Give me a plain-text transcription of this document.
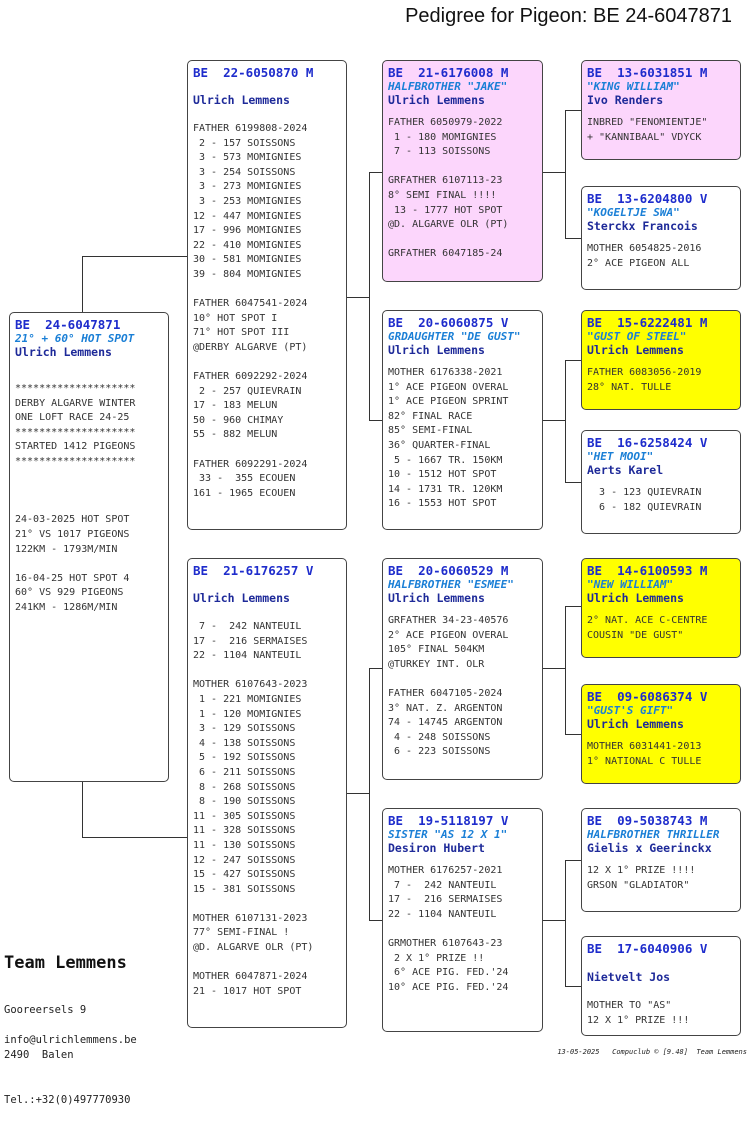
Pedigree for Pigeon: BE 24-6047871
BE  24-6047871
21° + 60° HOT SPOT
Ulrich Lemmens
********************
DERBY ALGARVE WINTER
ONE LOFT RACE 24-25
********************
STARTED 1412 PIGEONS
********************
24-03-2025 HOT SPOT
21° VS 1017 PIGEONS
122KM - 1793M/MIN
16-04-25 HOT SPOT 4
60° VS 929 PIGEONS
241KM - 1286M/MIN
BE  22-6050870 M
Ulrich Lemmens
FATHER 6199808-2024
2 - 157 SOISSONS
3 - 573 MOMIGNIES
3 - 254 SOISSONS
3 - 273 MOMIGNIES
3 - 253 MOMIGNIES
12 - 447 MOMIGNIES
17 - 996 MOMIGNIES
22 - 410 MOMIGNIES
30 - 581 MOMIGNIES
39 - 804 MOMIGNIES
FATHER 6047541-2024
10° HOT SPOT I
71° HOT SPOT III
@DERBY ALGARVE (PT)
FATHER 6092292-2024
2 - 257 QUIEVRAIN
17 - 183 MELUN
50 - 960 CHIMAY
55 - 882 MELUN
FATHER 6092291-2024
33 -  355 ECOUEN
161 - 1965 ECOUEN
BE  21-6176257 V
Ulrich Lemmens
7 -  242 NANTEUIL
17 -  216 SERMAISES
22 - 1104 NANTEUIL
MOTHER 6107643-2023
1 - 221 MOMIGNIES
1 - 120 MOMIGNIES
3 - 129 SOISSONS
4 - 138 SOISSONS
5 - 192 SOISSONS
6 - 211 SOISSONS
8 - 268 SOISSONS
8 - 190 SOISSONS
11 - 305 SOISSONS
11 - 328 SOISSONS
11 - 130 SOISSONS
12 - 247 SOISSONS
15 - 427 SOISSONS
15 - 381 SOISSONS
MOTHER 6107131-2023
77° SEMI-FINAL !
@D. ALGARVE OLR (PT)
MOTHER 6047871-2024
21 - 1017 HOT SPOT
BE  21-6176008 M
HALFBROTHER "JAKE"
Ulrich Lemmens
FATHER 6050979-2022
1 - 180 MOMIGNIES
7 - 113 SOISSONS
GRFATHER 6107113-23
8° SEMI FINAL !!!!
13 - 1777 HOT SPOT
@D. ALGARVE OLR (PT)
GRFATHER 6047185-24
BE  20-6060875 V
GRDAUGHTER "DE GUST"
Ulrich Lemmens
MOTHER 6176338-2021
1° ACE PIGEON OVERAL
1° ACE PIGEON SPRINT
82° FINAL RACE
85° SEMI-FINAL
36° QUARTER-FINAL
5 - 1667 TR. 150KM
10 - 1512 HOT SPOT
14 - 1731 TR. 120KM
16 - 1553 HOT SPOT
BE  20-6060529 M
HALFBROTHER "ESMEE"
Ulrich Lemmens
GRFATHER 34-23-40576
2° ACE PIGEON OVERAL
105° FINAL 504KM
@TURKEY INT. OLR
FATHER 6047105-2024
3° NAT. Z. ARGENTON
74 - 14745 ARGENTON
4 - 248 SOISSONS
6 - 223 SOISSONS
BE  19-5118197 V
SISTER "AS 12 X 1"
Desiron Hubert
MOTHER 6176257-2021
7 -  242 NANTEUIL
17 -  216 SERMAISES
22 - 1104 NANTEUIL
GRMOTHER 6107643-23
2 X 1° PRIZE !!
6° ACE PIG. FED.'24
10° ACE PIG. FED.'24
BE  13-6031851 M
"KING WILLIAM"
Ivo Renders
INBRED "FENOMIENTJE"
+ "KANNIBAAL" VDYCK
BE  13-6204800 V
"KOGELTJE SWA"
Sterckx Francois
MOTHER 6054825-2016
2° ACE PIGEON ALL
BE  15-6222481 M
"GUST OF STEEL"
Ulrich Lemmens
FATHER 6083056-2019
28° NAT. TULLE
BE  16-6258424 V
"HET MOOI"
Aerts Karel
3 - 123 QUIEVRAIN
6 - 182 QUIEVRAIN
BE  14-6100593 M
"NEW WILLIAM"
Ulrich Lemmens
2° NAT. ACE C-CENTRE
COUSIN "DE GUST"
BE  09-6086374 V
"GUST'S GIFT"
Ulrich Lemmens
MOTHER 6031441-2013
1° NATIONAL C TULLE
BE  09-5038743 M
HALFBROTHER THRILLER
Gielis x Geerinckx
12 X 1° PRIZE !!!!
GRSON "GLADIATOR"
BE  17-6040906 V
Nietvelt Jos
MOTHER TO "AS"
12 X 1° PRIZE !!!
Team Lemmens

Gooreersels 9

2490  Balen

Tel.:+32(0)497770930

info@ulrichlemmens.be
13-05-2025   Compuclub © [9.48]  Team Lemmens
